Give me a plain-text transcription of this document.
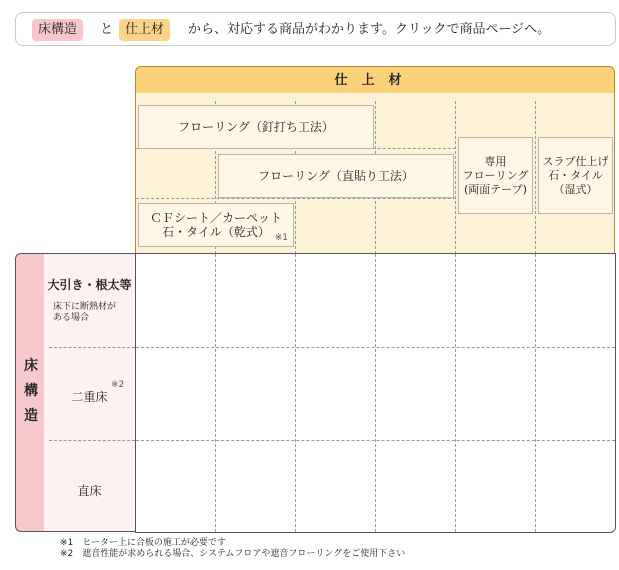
床構造	と 仕上材	から、対応する商品がわかります。クリックで商品ページへ。
仕上材
フローリング（釘打ち工法）
フローリング（直貼り工法）
ＣＦシート／カーペット
石・タイル（乾式） ※1
専用
フローリング
(両面テープ)
スラブ仕上げ
石・タイル
（湿式）
床
構
造
大引き・根太等
床下に断熱材が
ある場合
二重床
※2
直床
※1　ヒーター上に合板の施工が必要です
※2　遮音性能が求められる場合、システムフロアや遮音フローリングをご使用下さい
